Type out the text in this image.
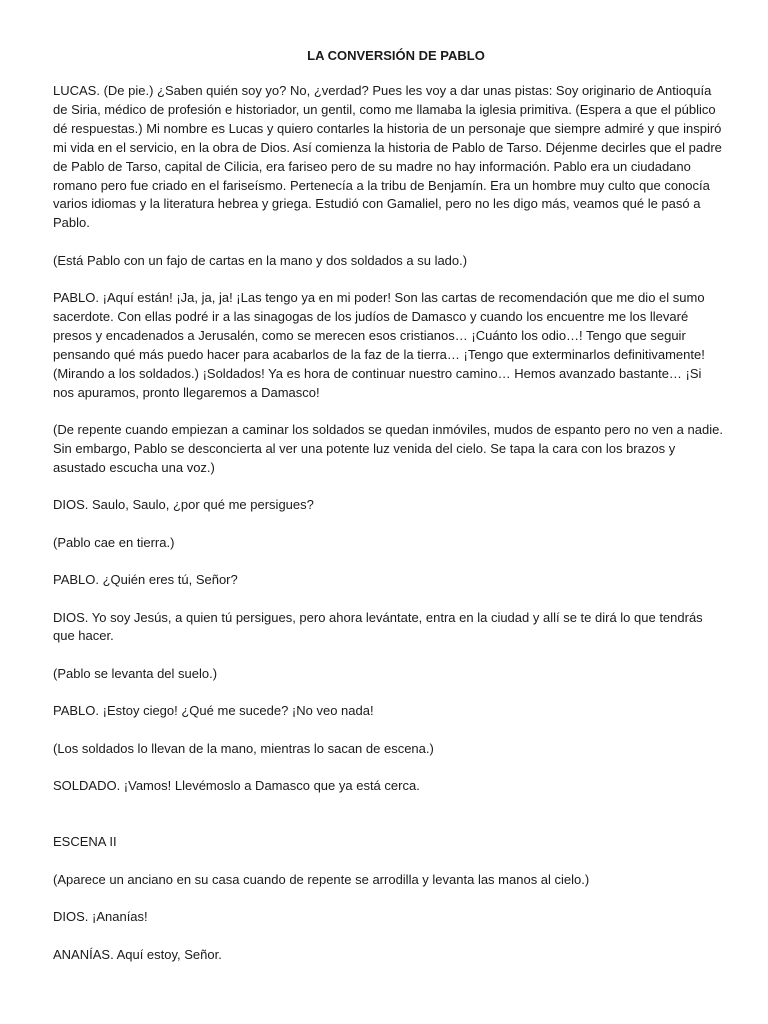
LA CONVERSIÓN DE PABLO

LUCAS. (De pie.) ¿Saben quién soy yo? No, ¿verdad? Pues les voy a dar unas pistas: Soy originario de Antioquía de Siria, médico de profesión e historiador, un gentil, como me llamaba la iglesia primitiva. (Espera a que el público dé respuestas.) Mi nombre es Lucas y quiero contarles la historia de un personaje que siempre admiré y que inspiró mi vida en el servicio, en la obra de Dios. Así comienza la historia de Pablo de Tarso. Déjenme decirles que el padre de Pablo de Tarso, capital de Cilicia, era fariseo pero de su madre no hay información. Pablo era un ciudadano romano pero fue criado en el fariseísmo. Pertenecía a la tribu de Benjamín. Era un hombre muy culto que conocía varios idiomas y la literatura hebrea y griega. Estudió con Gamaliel, pero no les digo más, veamos qué le pasó a Pablo.

(Está Pablo con un fajo de cartas en la mano y dos soldados a su lado.)

PABLO. ¡Aquí están! ¡Ja, ja, ja! ¡Las tengo ya en mi poder! Son las cartas de recomendación que me dio el sumo sacerdote. Con ellas podré ir a las sinagogas de los judíos de Damasco y cuando los encuentre me los llevaré presos y encadenados a Jerusalén, como se merecen esos cristianos… ¡Cuánto los odio…! Tengo que seguir pensando qué más puedo hacer para acabarlos de la faz de la tierra… ¡Tengo que exterminarlos definitivamente! (Mirando a los soldados.) ¡Soldados! Ya es hora de continuar nuestro camino… Hemos avanzado bastante… ¡Si nos apuramos, pronto llegaremos a Damasco!

(De repente cuando empiezan a caminar los soldados se quedan inmóviles, mudos de espanto pero no ven a nadie. Sin embargo, Pablo se desconcierta al ver una potente luz venida del cielo. Se tapa la cara con los brazos y asustado escucha una voz.)

DIOS. Saulo, Saulo, ¿por qué me persigues?

(Pablo cae en tierra.)

PABLO. ¿Quién eres tú, Señor?

DIOS. Yo soy Jesús, a quien tú persigues, pero ahora levántate, entra en la ciudad y allí se te dirá lo que tendrás que hacer.

(Pablo se levanta del suelo.)

PABLO. ¡Estoy ciego! ¿Qué me sucede? ¡No veo nada!

(Los soldados lo llevan de la mano, mientras lo sacan de escena.)

SOLDADO. ¡Vamos! Llevémoslo a Damasco que ya está cerca.

ESCENA II

(Aparece un anciano en su casa cuando de repente se arrodilla y levanta las manos al cielo.)

DIOS. ¡Ananías!

ANANÍAS. Aquí estoy, Señor.
